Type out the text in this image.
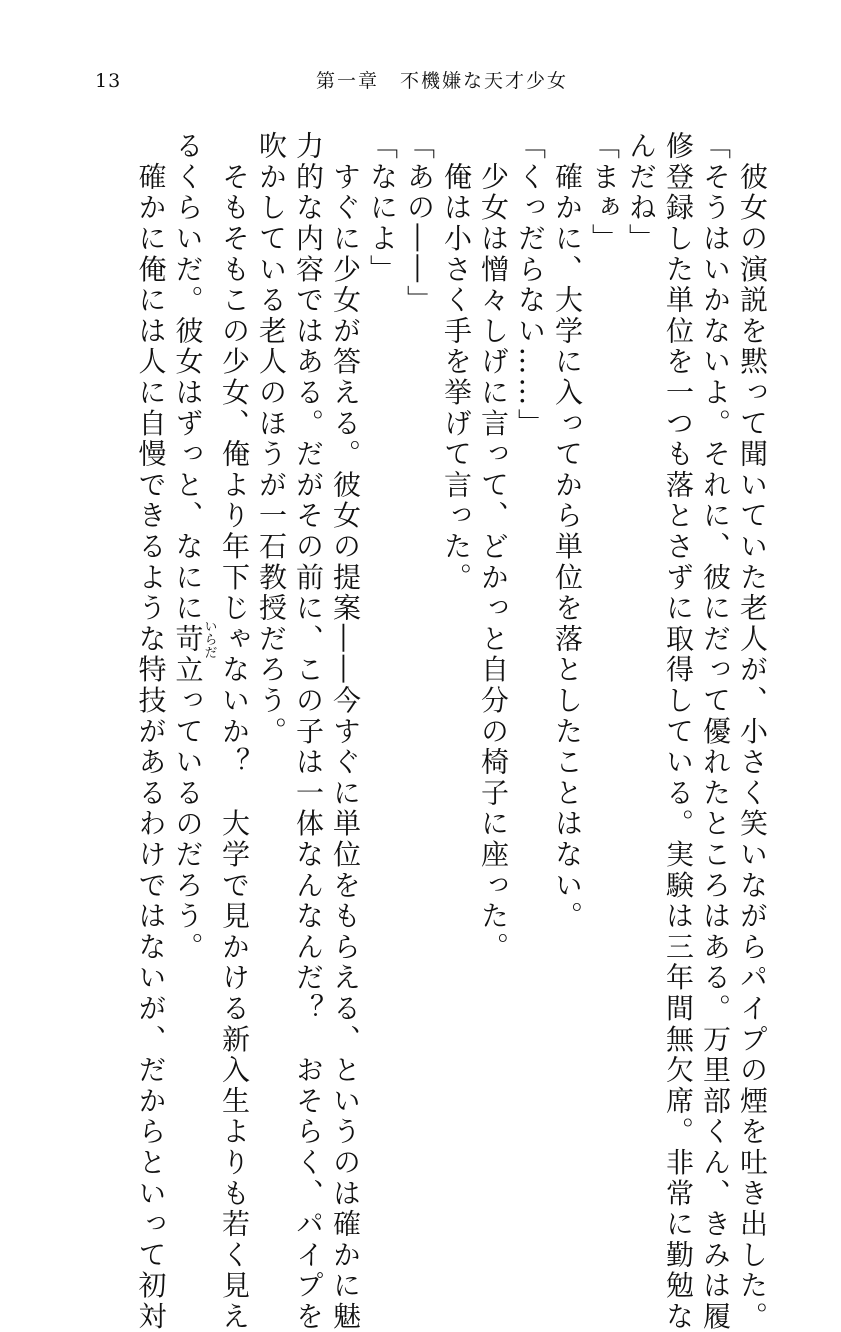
13	第一章　不機嫌な天才少女

　彼女の演説を黙って聞いていた老人が、小さく笑いながらパイプの煙を吐き出した。

「そうはいかないよ。それに、彼にだって優れたところはある。万里部くん、きみは履

修登録した単位を一つも落とさずに取得している。実験は三年間無欠席。非常に勤勉な

んだね」

「まぁ」

　確かに、大学に入ってから単位を落としたことはない。

「くっだらない……」

　少女は憎々しげに言って、どかっと自分の椅子に座った。

　俺は小さく手を挙げて言った。

「あの――」

「なによ」

　すぐに少女が答える。彼女の提案――今すぐに単位をもらえる、というのは確かに魅

力的な内容ではある。だがその前に、この子は一体なんなんだ？　おそらく、パイプを

吹かしている老人のほうが一石教授だろう。

　そもそもこの少女、俺より年下じゃないか？　大学で見かける新入生よりも若く見え

るくらいだ。彼女はずっと、なにに苛いらだ立っているのだろう。

　確かに俺には人に自慢できるような特技があるわけではないが、だからといって初対
